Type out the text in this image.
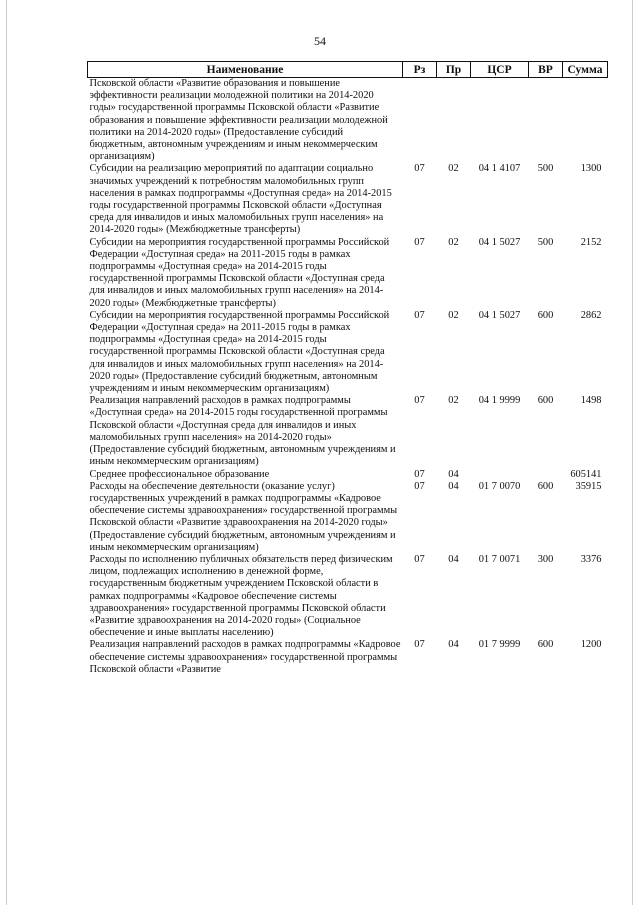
54
Наименование	Рз	Пр	ЦСР	ВР	Сумма
Псковской области «Развитие образования и повышение эффективности реализации молодежной политики на 2014-2020 годы» государственной программы Псковской области «Развитие образования и повышение эффективности реализации молодежной политики на 2014-2020 годы» (Предоставление субсидий бюджетным, автономным учреждениям и иным некоммерческим организациям)					
Субсидии на реализацию мероприятий по адаптации социально значимых учреждений к потребностям маломобильных групп населения в рамках подпрограммы «Доступная среда» на 2014-2015 годы государственной программы Псковской области «Доступная среда для инвалидов и иных маломобильных групп населения» на 2014-2020 годы» (Межбюджетные трансферты)	07	02	04 1 4107	500	1300
Субсидии на мероприятия государственной программы Российской Федерации «Доступная среда» на 2011-2015 годы в рамках подпрограммы «Доступная среда» на 2014-2015 годы государственной программы Псковской области «Доступная среда для инвалидов и иных маломобильных групп населения» на 2014-2020 годы» (Межбюджетные трансферты)	07	02	04 1 5027	500	2152
Субсидии на мероприятия государственной программы Российской Федерации «Доступная среда» на 2011-2015 годы в рамках подпрограммы «Доступная среда» на 2014-2015 годы государственной программы Псковской области «Доступная среда для инвалидов и иных маломобильных групп населения» на 2014-2020 годы» (Предоставление субсидий бюджетным, автономным учреждениям и иным некоммерческим организациям)	07	02	04 1 5027	600	2862
Реализация направлений расходов в рамках подпрограммы «Доступная среда» на 2014-2015 годы государственной программы Псковской области «Доступная среда для инвалидов и иных маломобильных групп населения» на 2014-2020 годы» (Предоставление субсидий бюджетным, автономным учреждениям и иным некоммерческим организациям)	07	02	04 1 9999	600	1498
Среднее профессиональное образование	07	04			605141
Расходы на обеспечение деятельности (оказание услуг) государственных учреждений в рамках подпрограммы «Кадровое обеспечение системы здравоохранения» государственной программы Псковской области «Развитие здравоохранения на 2014-2020 годы» (Предоставление субсидий бюджетным, автономным учреждениям и иным некоммерческим организациям)	07	04	01 7 0070	600	35915
Расходы по исполнению публичных обязательств перед физическим лицом, подлежащих исполнению в денежной форме, государственным бюджетным учреждением Псковской области в рамках подпрограммы «Кадровое обеспечение системы здравоохранения» государственной программы Псковской области «Развитие здравоохранения на 2014-2020 годы» (Социальное обеспечение и иные выплаты населению)	07	04	01 7 0071	300	3376
Реализация направлений расходов в рамках подпрограммы «Кадровое обеспечение системы здравоохранения» государственной программы Псковской области «Развитие	07	04	01 7 9999	600	1200
